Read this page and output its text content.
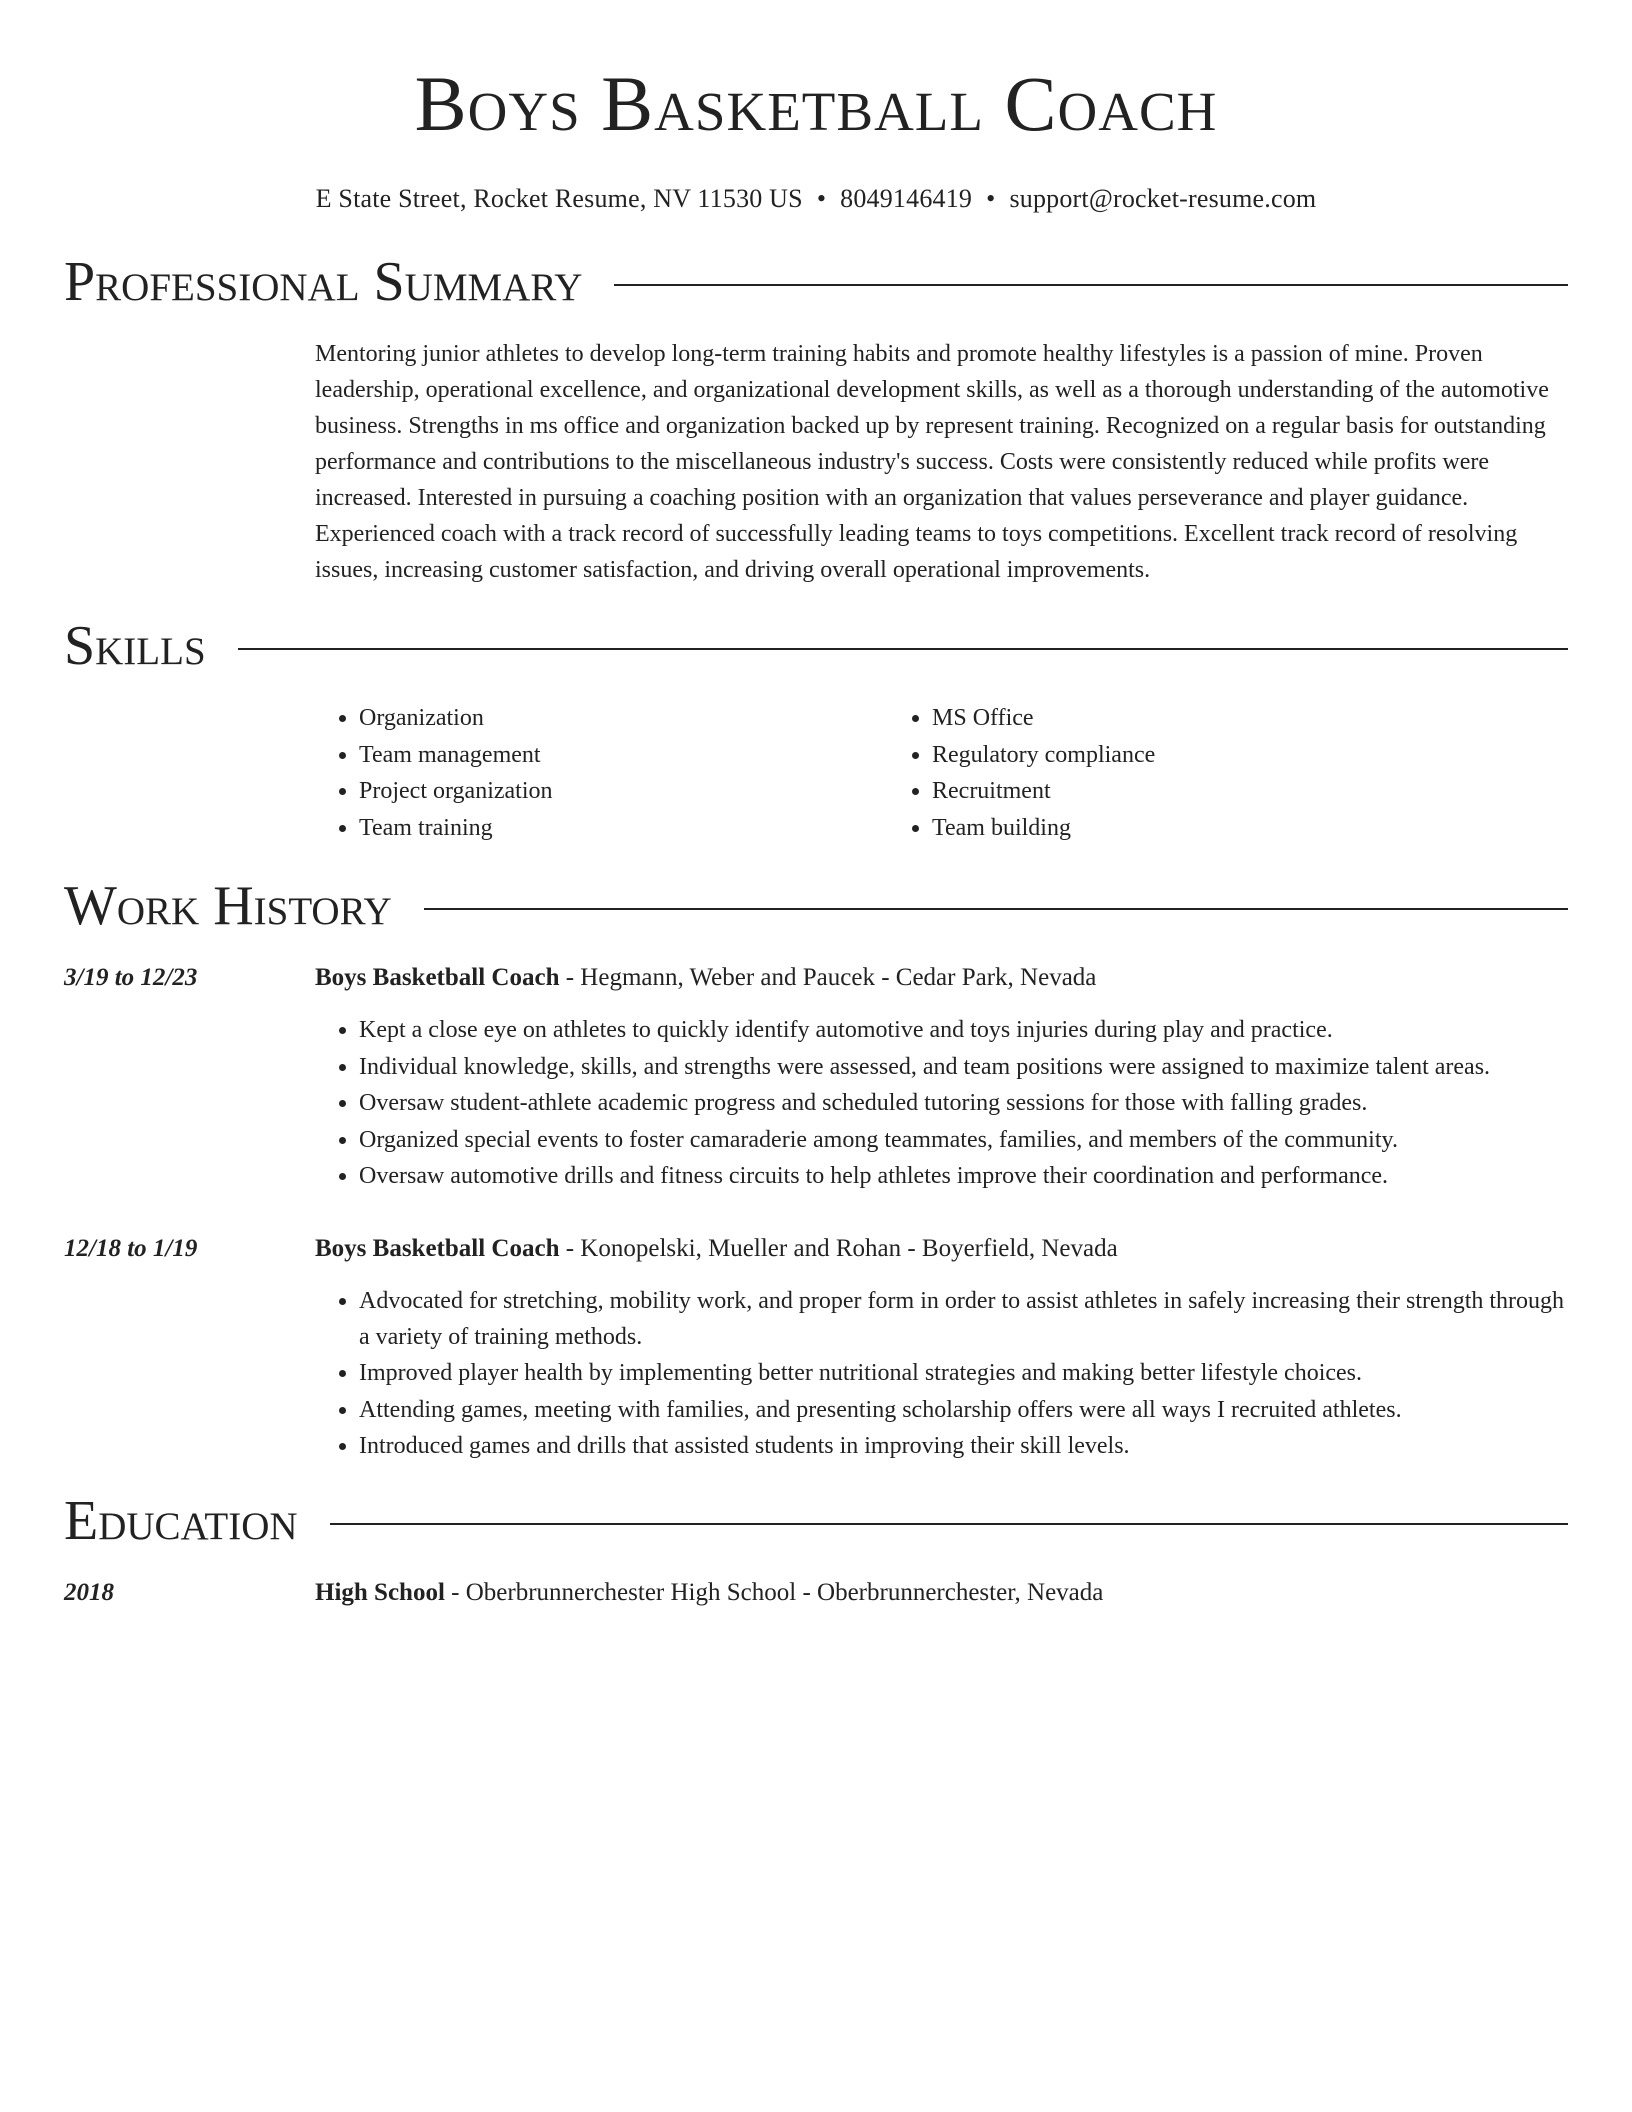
Boys Basketball Coach
E State Street, Rocket Resume, NV 11530 US • 8049146419 • support@rocket-resume.com
Professional Summary
Mentoring junior athletes to develop long-term training habits and promote healthy lifestyles is a passion of mine. Proven leadership, operational excellence, and organizational development skills, as well as a thorough understanding of the automotive business. Strengths in ms office and organization backed up by represent training. Recognized on a regular basis for outstanding performance and contributions to the miscellaneous industry's success. Costs were consistently reduced while profits were increased. Interested in pursuing a coaching position with an organization that values perseverance and player guidance. Experienced coach with a track record of successfully leading teams to toys competitions. Excellent track record of resolving issues, increasing customer satisfaction, and driving overall operational improvements.
Skills
• Organization
• Team management
• Project organization
• Team training
• MS Office
• Regulatory compliance
• Recruitment
• Team building
Work History
3/19 to 12/23	Boys Basketball Coach - Hegmann, Weber and Paucek - Cedar Park, Nevada
• Kept a close eye on athletes to quickly identify automotive and toys injuries during play and practice.
• Individual knowledge, skills, and strengths were assessed, and team positions were assigned to maximize talent areas.
• Oversaw student-athlete academic progress and scheduled tutoring sessions for those with falling grades.
• Organized special events to foster camaraderie among teammates, families, and members of the community.
• Oversaw automotive drills and fitness circuits to help athletes improve their coordination and performance.
12/18 to 1/19	Boys Basketball Coach - Konopelski, Mueller and Rohan - Boyerfield, Nevada
• Advocated for stretching, mobility work, and proper form in order to assist athletes in safely increasing their strength through a variety of training methods.
• Improved player health by implementing better nutritional strategies and making better lifestyle choices.
• Attending games, meeting with families, and presenting scholarship offers were all ways I recruited athletes.
• Introduced games and drills that assisted students in improving their skill levels.
Education
2018	High School - Oberbrunnerchester High School - Oberbrunnerchester, Nevada
